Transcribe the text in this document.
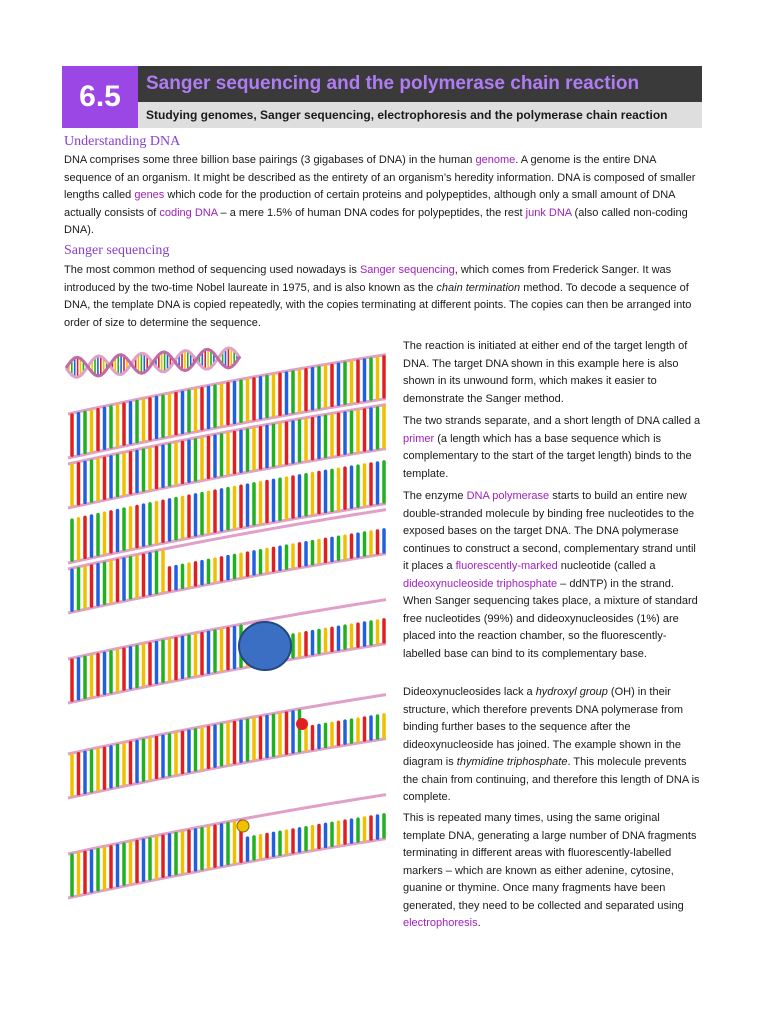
6.5	Sanger sequencing and the polymerase chain reaction
Studying genomes, Sanger sequencing, electrophoresis and the polymerase chain reaction
Understanding DNA

DNA comprises some three billion base pairings (3 gigabases of DNA) in the human genome. A genome is the entire DNA sequence of an organism. It might be described as the entirety of an organism’s heredity information. DNA is composed of smaller lengths called genes which code for the production of certain proteins and polypeptides, although only a small amount of DNA actually consists of coding DNA – a mere 1.5% of human DNA codes for polypeptides, the rest junk DNA (also called non-coding DNA).

Sanger sequencing

The most common method of sequencing used nowadays is Sanger sequencing, which comes from Frederick Sanger. It was introduced by the two-time Nobel laureate in 1975, and is also known as the chain termination method. To decode a sequence of DNA, the template DNA is copied repeatedly, with the copies terminating at different points. The copies can then be arranged into order of size to determine the sequence.

The reaction is initiated at either end of the target length of DNA. The target DNA shown in this example here is also shown in its unwound form, which makes it easier to demonstrate the Sanger method.

The two strands separate, and a short length of DNA called a primer (a length which has a base sequence which is complementary to the start of the target length) binds to the template.

The enzyme DNA polymerase starts to build an entire new double-stranded molecule by binding free nucleotides to the exposed bases on the target DNA. The DNA polymerase continues to construct a second, complementary strand until it places a fluorescently-marked nucleotide (called a dideoxynucleoside triphosphate – ddNTP) in the strand. When Sanger sequencing takes place, a mixture of standard free nucleotides (99%) and dideoxynucleosides (1%) are placed into the reaction chamber, so the fluorescently-labelled base can bind to its complementary base.

Dideoxynucleosides lack a hydroxyl group (OH) in their structure, which therefore prevents DNA polymerase from binding further bases to the sequence after the dideoxynucleoside has joined. The example shown in the diagram is thymidine triphosphate. This molecule prevents the chain from continuing, and therefore this length of DNA is complete.

This is repeated many times, using the same original template DNA, generating a large number of DNA fragments terminating in different areas with fluorescently-labelled markers – which are known as either adenine, cytosine, guanine or thymine. Once many fragments have been generated, they need to be collected and separated using electrophoresis.
